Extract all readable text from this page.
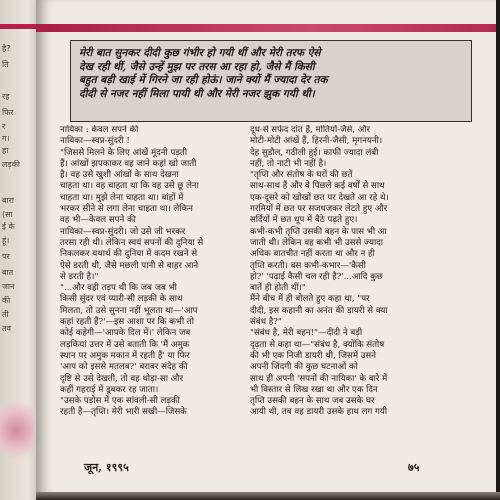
है?
ति
रह
फिर
र
ग।
हा
लड़की
बारा
(सा
ई के
हूं।
पर
बात
जान
की
ती
तव
मेरी बात सुनकर दीदी कुछ गंभीर हो गयी थीं और मेरी तरफ ऐसे
देख रही थीं, जैसे उन्हें मुझ पर तरस आ रहा हो, जैसे मैं किसी
बहुत बड़ी खाई में गिरने जा रही होऊं। जाने क्यों मैं ज्यादा देर तक
दीदी से नजर नहीं मिला पायी थी और मेरी नजर झुक गयी थी।
नायिका : केवल सपने की
नायिका—स्वप्न-सुंदरी !
"जिससे मिलने के लिए आंखें मूंदनी पड़ती
हैं। आंखों झपकाकर वह जाने कहां खो जाती
है। वह उसे खुशी आंखों के साथ देखना
चाहता था। वह चाहता था कि वह उसे छू लेना
चाहता था। मुझे लेना चाहता था। बांहों में
भरकर सीने से लगा लेना चाहता था। लेकिन
वह भी—केवल सपने की
नायिका—स्वप्न-सुंदरी। जो उसे जी भरकर
तरसा रही थी। लेकिन स्वयं सपनों की दुनिया से
निकलकर यथार्थ की दुनिया में कदम रखने से
ऐसे डरती थी, जैसे मछली पानी से बाहर आने
से डरती है।"
"...और वही तड़प थी कि जब जब भी
किसी सुंदर एवं प्यारी-सी लड़की के साथ
मिलता, तो उसे सुनना नहीं भूलता था—'आप
कहां रहती हैं?'—इस आशा पर कि कभी तो
कोई कहेगी—'आपके दिल में।' लेकिन जब
लड़कियां उत्तर में उसे बताती कि 'मैं अमुक
स्थान पर अमुक मकान में रहती हैं' या फिर
'आप को इससे मतलब?' बराबर संदेह की
दृष्टि से उसे देखती, तो वह थोड़ा-सा और
कहीं गहराई में डूबकर रह जाता।
"उसके पड़ोस में एक सांवली-सी लड़की
रहती है—तृप्ति। मेरी भारी सखी—जिसके
दूध-से सफेद दांत हैं, मोतियों-जैसे, और
मोटी-मोटी आंखें हैं, हिरनी-जैसी, मृगनयनी।
देह सुडौल, गठीली हुई। काफी ज्यादा लंबी
नहीं, तो नाटी भी नहीं है।
"तृप्ति और संतोष के घरों की छतें
साथ-साथ हैं और वे पिछले कई वर्षों से साथ
एक-दूसरे को खोखों छत पर देखते आ रहे थे।
गरमियों में छत पर सजधजकर लेटते हुए और
सर्दियों में छत धूप में बैठे पढ़ते हुए।
कभी-कभी तृप्ति उसकी बहन के पास भी आ
जाती थी। लेकिन वह कभी भी उससे ज्यादा
अधिक बातचीत नहीं करता था और न ही
तृप्ति करती। बस कभी-कभार—'कैसी
हो?' 'पढ़ाई कैसी चल रही है?'...आदि कुछ
बातें ही होती थीं।"
मैंने बीच में ही बोलते हुए कहा था, "पर
दीदी, इस कहानी का अनंत की डायरी से क्या
संबंध है?"
"संबंध है, मेरी बहन!"—दीदी ने बड़ी
दृढ़ता से कहा था—"संबंध है, क्योंकि संतोष
की भी एक निजी डायरी थी, जिसमें उसने
अपनी जिंदगी की कुछ घटनाओं को
साथ ही अपनी 'सपनों की नायिका' के बारे में
भी विस्तार से लिख रखा था और एक दिन
तृप्ति उसकी बहन के साथ जब उसके घर
आयी थी, तब वह डायरी उसके हाथ लग गयी
जून, १९९५	७५
